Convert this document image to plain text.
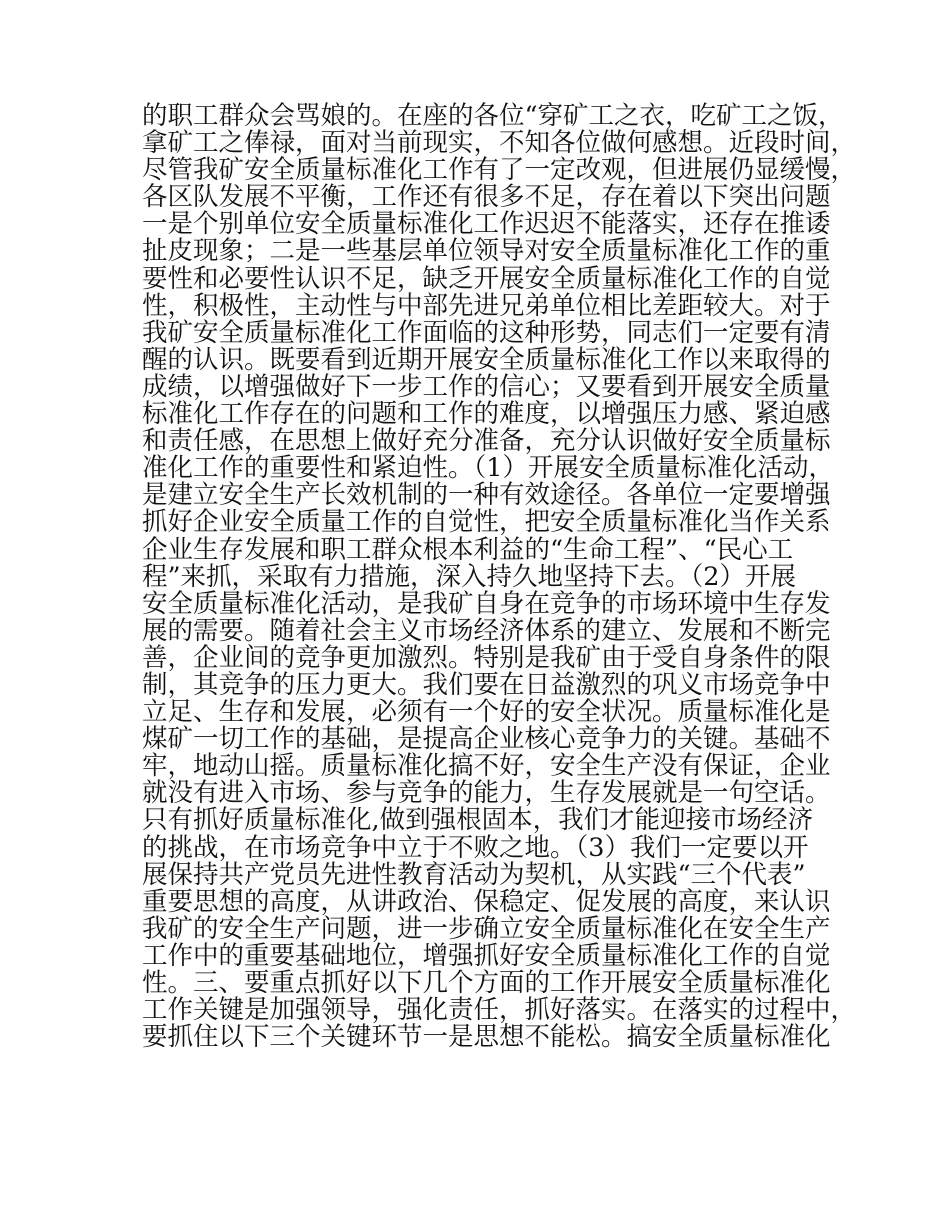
的职工群众会骂娘的。在座的各位“穿矿工之衣，吃矿工之饭，
拿矿工之俸禄，面对当前现实，不知各位做何感想。近段时间，
尽管我矿安全质量标准化工作有了一定改观，但进展仍显缓慢，
各区队发展不平衡，工作还有很多不足，存在着以下突出问题
一是个别单位安全质量标准化工作迟迟不能落实，还存在推诿
扯皮现象；二是一些基层单位领导对安全质量标准化工作的重
要性和必要性认识不足，缺乏开展安全质量标准化工作的自觉
性，积极性，主动性与中部先进兄弟单位相比差距较大。对于
我矿安全质量标准化工作面临的这种形势，同志们一定要有清
醒的认识。既要看到近期开展安全质量标准化工作以来取得的
成绩，以增强做好下一步工作的信心；又要看到开展安全质量
标准化工作存在的问题和工作的难度，以增强压力感、紧迫感
和责任感，在思想上做好充分准备，充分认识做好安全质量标
准化工作的重要性和紧迫性。（1）开展安全质量标准化活动，
是建立安全生产长效机制的一种有效途径。各单位一定要增强
抓好企业安全质量工作的自觉性，把安全质量标准化当作关系
企业生存发展和职工群众根本利益的“生命工程”、“民心工
程”来抓，采取有力措施，深入持久地坚持下去。（2）开展
安全质量标准化活动，是我矿自身在竞争的市场环境中生存发
展的需要。随着社会主义市场经济体系的建立、发展和不断完
善，企业间的竞争更加激烈。特别是我矿由于受自身条件的限
制，其竞争的压力更大。我们要在日益激烈的巩义市场竞争中
立足、生存和发展，必须有一个好的安全状况。质量标准化是
煤矿一切工作的基础，是提高企业核心竞争力的关键。基础不
牢，地动山摇。质量标准化搞不好，安全生产没有保证，企业
就没有进入市场、参与竞争的能力，生存发展就是一句空话。
只有抓好质量标准化,做到强根固本，我们才能迎接市场经济
的挑战，在市场竞争中立于不败之地。（3）我们一定要以开
展保持共产党员先进性教育活动为契机，从实践“三个代表”
重要思想的高度，从讲政治、保稳定、促发展的高度，来认识
我矿的安全生产问题，进一步确立安全质量标准化在安全生产
工作中的重要基础地位，增强抓好安全质量标准化工作的自觉
性。三、要重点抓好以下几个方面的工作开展安全质量标准化
工作关键是加强领导，强化责任，抓好落实。在落实的过程中，
要抓住以下三个关键环节一是思想不能松。搞安全质量标准化
